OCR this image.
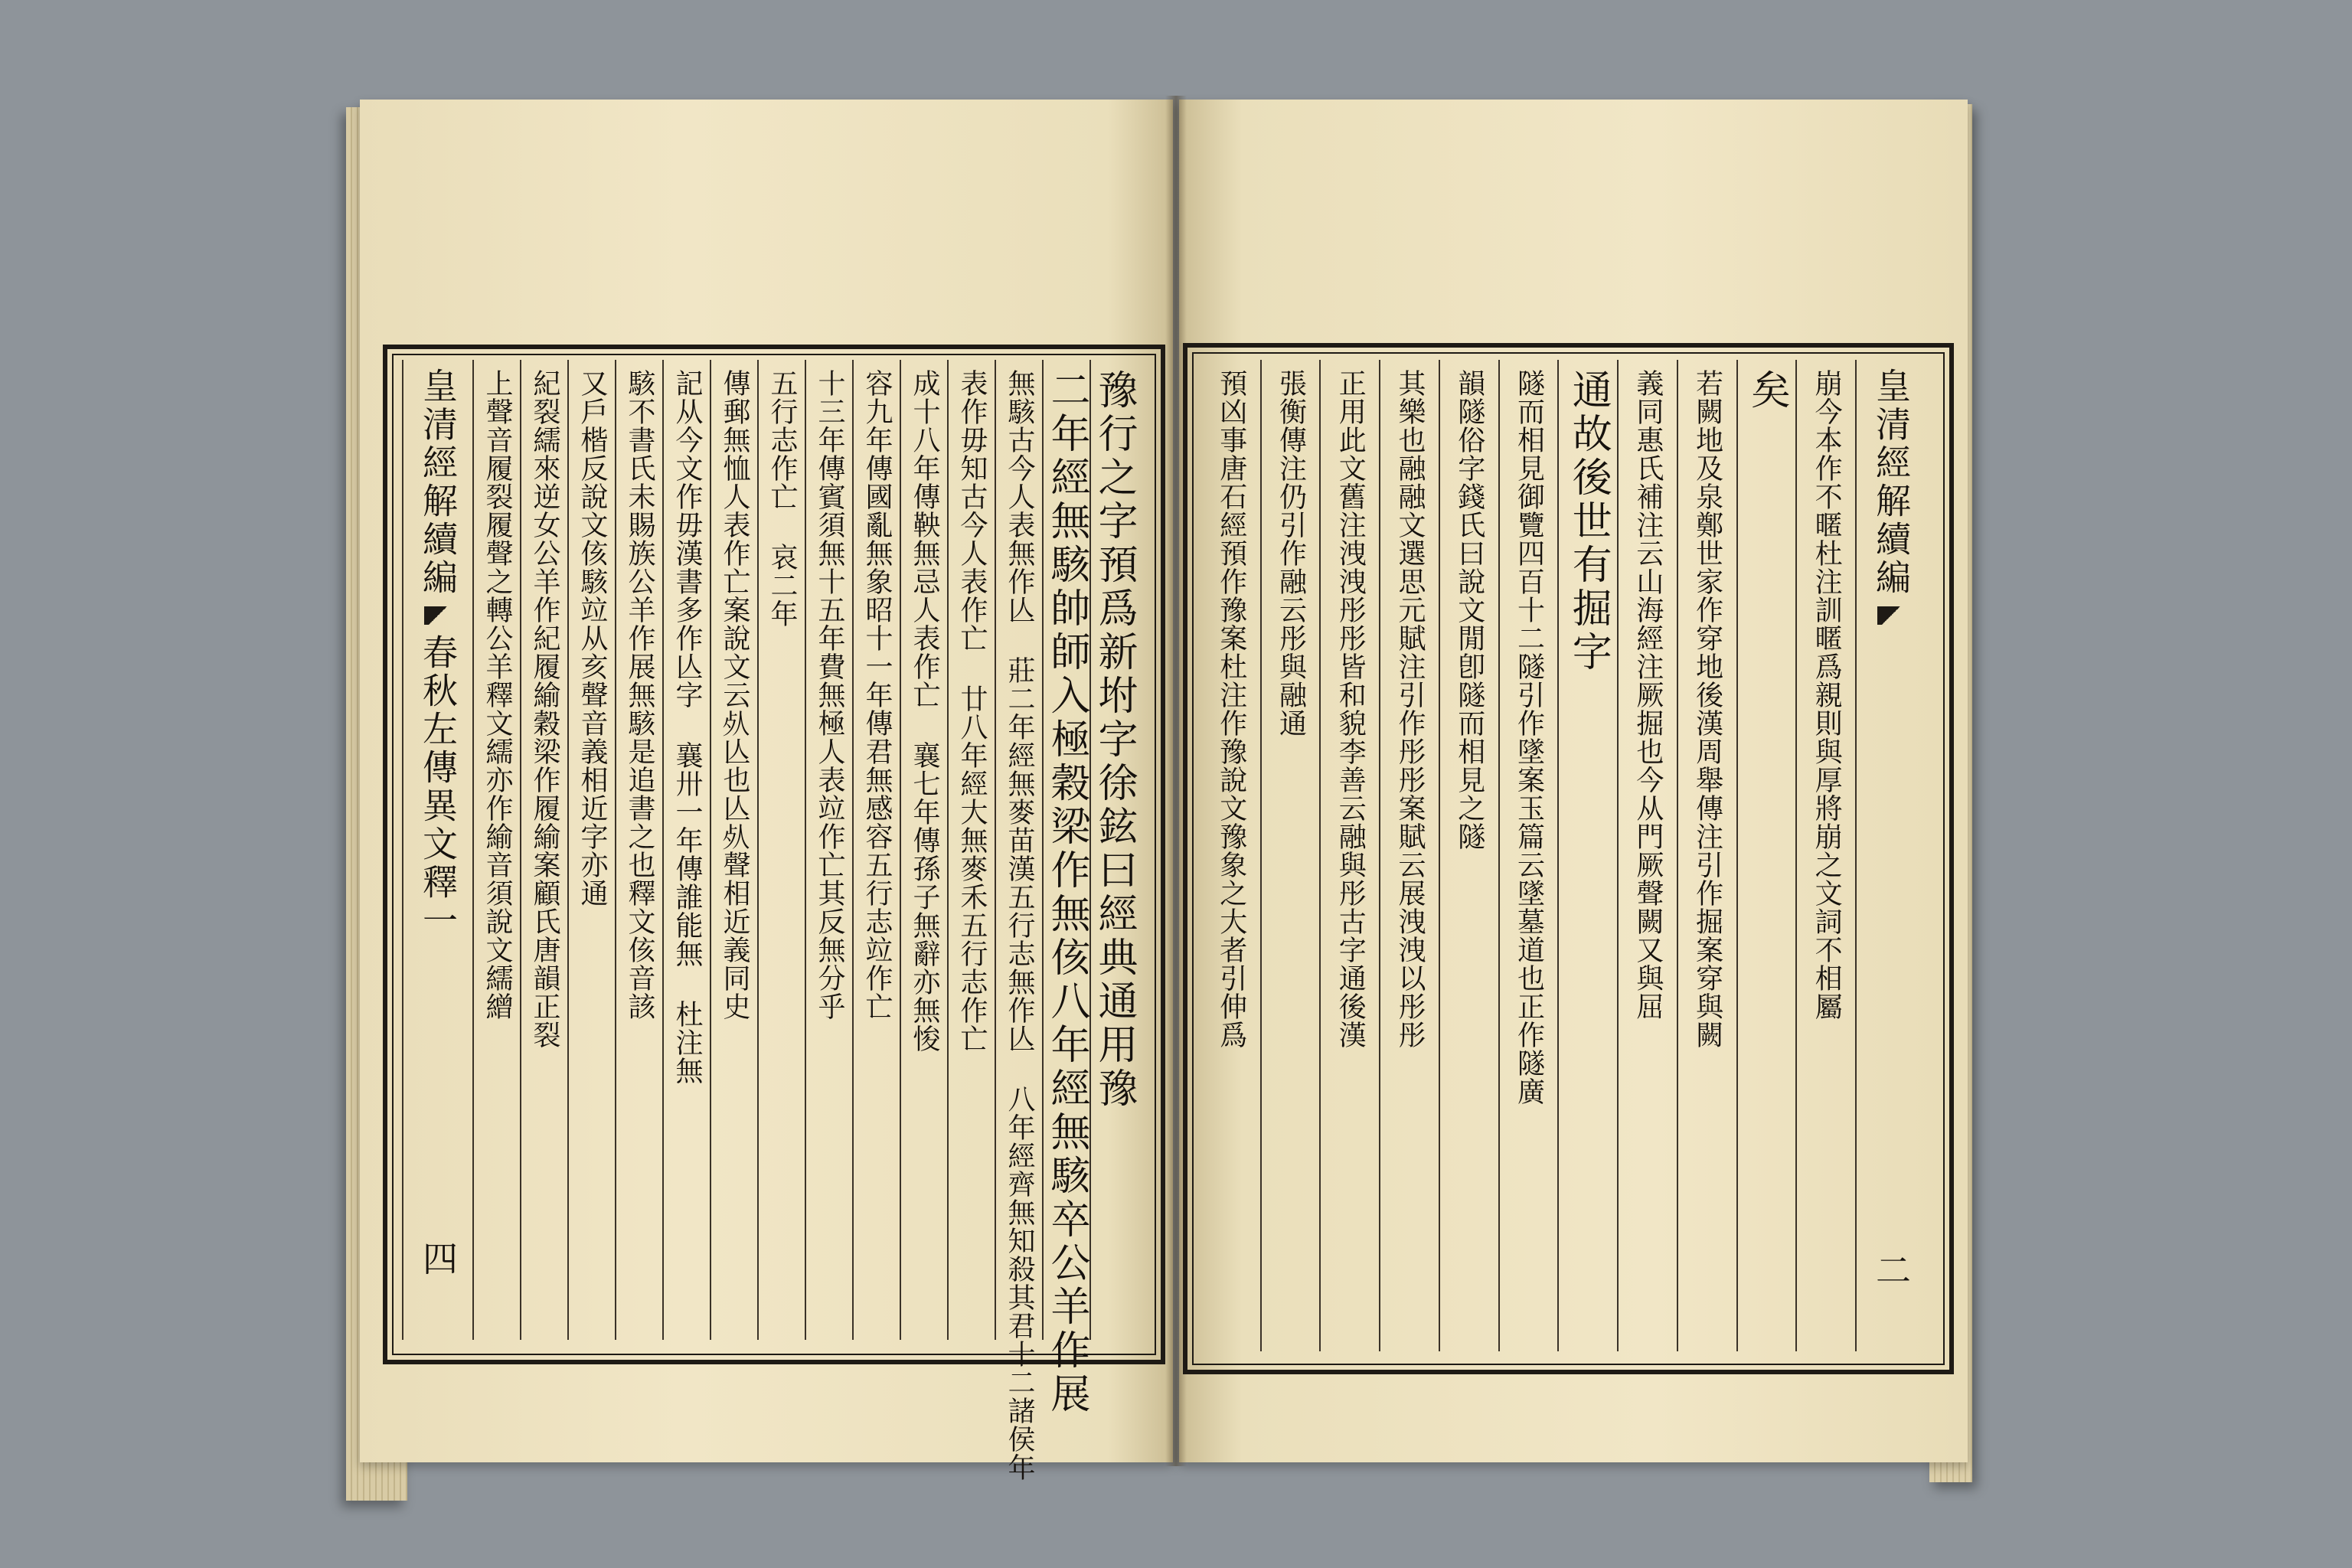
豫行之字預爲新坿字徐鉉曰經典通用豫
二年經無駭帥師入極穀梁作無侅八年經無駭卒公羊作展
無駭古今人表無作亾 莊二年經無麥苗漢五行志無作亾 八年經齊無知殺其君十二諸侯年
表作毋知古今人表作亡 廿八年經大無麥禾五行志作亡
成十八年傳鞅無忌人表作亡 襄七年傳孫子無辭亦無悛
容九年傳國亂無象昭十一年傳君無感容五行志竝作亡
十三年傳賓須無十五年費無極人表竝作亡其反無分乎
五行志作亡 哀二年
傳郵無恤人表作亡案說文云𣦸亾也亾𣦸聲相近義同史
記从今文作毋漢書多作亾字 襄卅一年傳誰能無 杜注無
駭不書氏未賜族公羊作展無駭是追書之也釋文侅音該
又戶楷反說文侅駭竝从亥聲音義相近字亦通
紀裂繻來逆女公羊作紀履緰穀梁作履緰案顧氏唐韻正裂
上聲音履裂履聲之轉公羊釋文繻亦作緰音須說文繻繒
皇清經解續編
春秋左傳異文釋一
四
皇清經解續編
二
崩今本作不暱杜注訓暱爲親則與厚將崩之文詞不相屬
矣
若闕地及泉鄭世家作穿地後漢周舉傳注引作掘案穿與闕
義同惠氏補注云山海經注厥掘也今从門厥聲闕又與屈
通故後世有掘字
隧而相見御覽四百十二隧引作墜案玉篇云墜墓道也正作隧廣
韻隧俗字錢氏曰說文閒卽隧而相見之隧
其樂也融融文選思元賦注引作彤彤案賦云展洩洩以彤彤
正用此文舊注洩洩彤彤皆和貌李善云融與彤古字通後漢
張衡傳注仍引作融云彤與融通
預凶事唐石經預作豫案杜注作豫說文豫象之大者引伸爲
